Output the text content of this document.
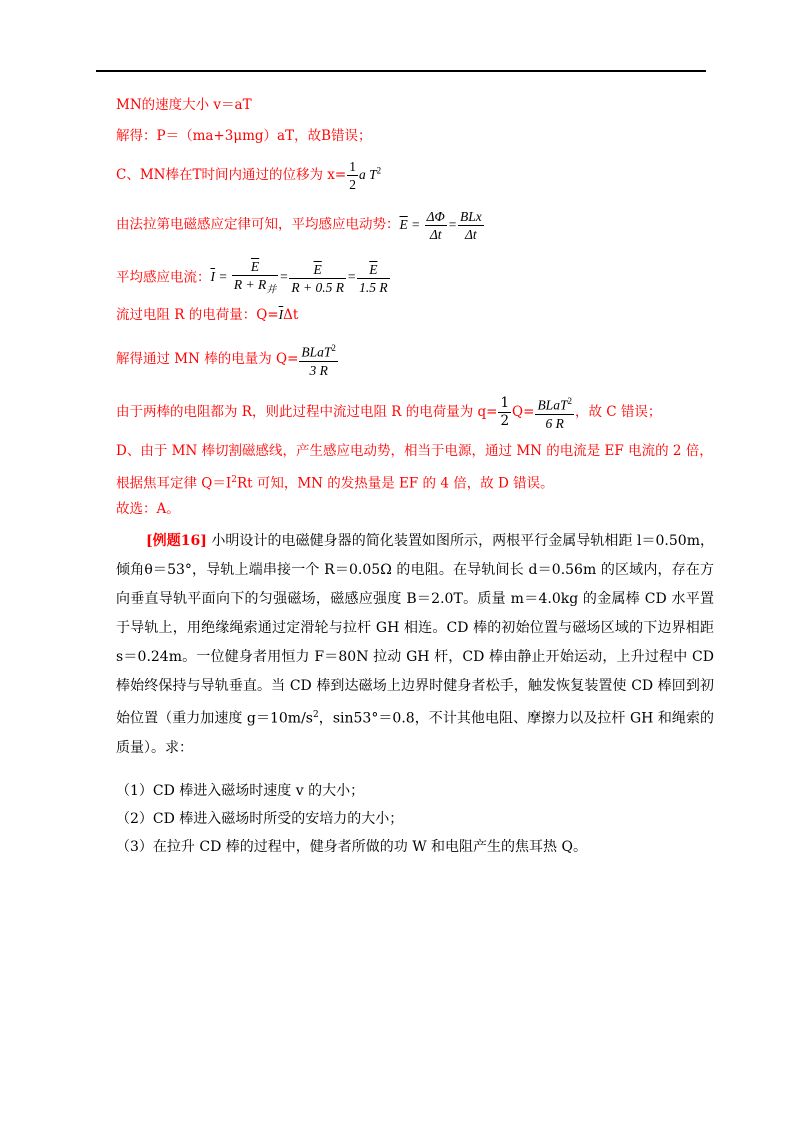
MN的速度大小 v＝aT
解得：P＝（ma+3μmg）aT，故B错误；
C、MN棒在T时间内通过的位移为 $x= \frac{1}{2}$ a $T^2$
由法拉第电磁感应定律可知，平均感应电动势：$\overline{E} = \frac{\Delta\Phi}{\Delta t} = \frac{\text{BLx}}{\Delta t}$
平均感应电流：$\overline{I} = \frac{\overline{E}}{R + R_并} = \frac{\overline{E}}{R + 0.5 R} = \frac{\overline{E}}{1.5 R}$
流过电阻 R 的电荷量：$Q=\overline{I}\Delta t$
解得通过 MN 棒的电量为 $Q= \frac{BLaT^2}{3 R}$
由于两棒的电阻都为 R，则此过程中流过电阻 R 的电荷量为 $q= \frac{1}{2} Q= \frac{BLaT^2}{6 R}$ ，故 C 错误；
D、由于 MN 棒切割磁感线，产生感应电动势，相当于电源，通过 MN 的电流是 EF 电流的 2 倍，
根据焦耳定律 $Q=I^2Rt$ 可知，MN 的发热量是 EF 的 4 倍，故 D 错误。
故选：A。
[例题16] 小明设计的电磁健身器的简化装置如图所示，两根平行金属导轨相距 l＝0.50m，倾角θ＝53°，导轨上端串接一个 R＝0.05Ω 的电阻。在导轨间长 d＝0.56m 的区域内，存在方向垂直导轨平面向下的匀强磁场，磁感应强度 B＝2.0T。质量 m＝4.0kg 的金属棒 CD 水平置于导轨上，用绝缘绳索通过定滑轮与拉杆 GH 相连。CD 棒的初始位置与磁场区域的下边界相距 s＝0.24m。一位健身者用恒力 F＝80N 拉动 GH 杆，CD 棒由静止开始运动，上升过程中 CD 棒始终保持与导轨垂直。当 CD 棒到达磁场上边界时健身者松手，触发恢复装置使 CD 棒回到初始位置（重力加速度 $g=10m/s^2$，sin53°＝0.8，不计其他电阻、摩擦力以及拉杆 GH 和绳索的质量）。求：
（1）CD 棒进入磁场时速度 v 的大小；
（2）CD 棒进入磁场时所受的安培力的大小；
（3）在拉升 CD 棒的过程中，健身者所做的功 W 和电阻产生的焦耳热 Q。
